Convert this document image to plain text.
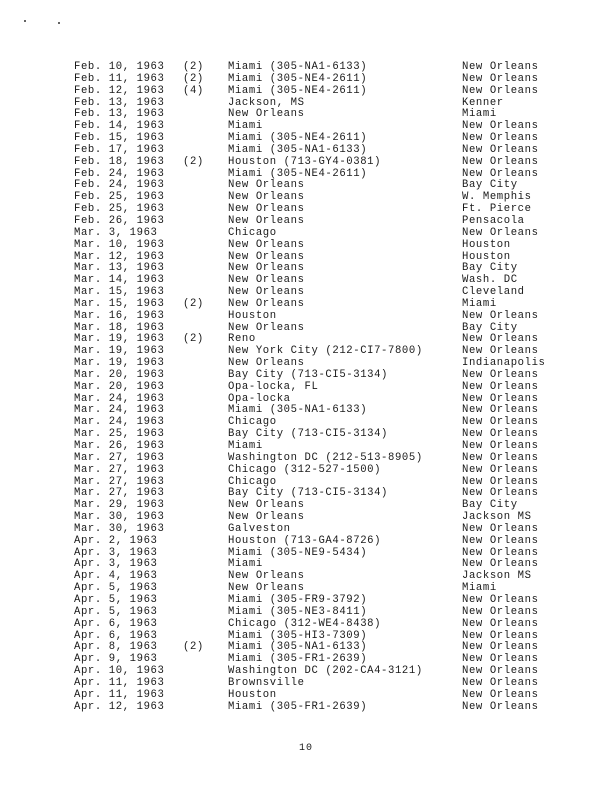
Feb. 10, 1963 (2) Miami (305-NA1-6133)	New Orleans
Feb. 11, 1963 (2) Miami (305-NE4-2611)	New Orleans
Feb. 12, 1963 (4) Miami (305-NE4-2611)	New Orleans
Feb. 13, 1963	Jackson, MS	Kenner
Feb. 13, 1963	New Orleans	Miami
Feb. 14, 1963	Miami	New Orleans
Feb. 15, 1963	Miami (305-NE4-2611)	New Orleans
Feb. 17, 1963	Miami (305-NA1-6133)	New Orleans
Feb. 18, 1963 (2) Houston (713-GY4-0381)	New Orleans
Feb. 24, 1963	Miami (305-NE4-2611)	New Orleans
Feb. 24, 1963	New Orleans	Bay City
Feb. 25, 1963	New Orleans	W. Memphis
Feb. 25, 1963	New Orleans	Ft. Pierce
Feb. 26, 1963	New Orleans	Pensacola
Mar. 3, 1963	Chicago	New Orleans
Mar. 10, 1963	New Orleans	Houston
Mar. 12, 1963	New Orleans	Houston
Mar. 13, 1963	New Orleans	Bay City
Mar. 14, 1963	New Orleans	Wash. DC
Mar. 15, 1963	New Orleans	Cleveland
Mar. 15, 1963 (2) New Orleans	Miami
Mar. 16, 1963	Houston	New Orleans
Mar. 18, 1963	New Orleans	Bay City
Mar. 19, 1963 (2) Reno	New Orleans
Mar. 19, 1963	New York City (212-CI7-7800)	New Orleans
Mar. 19, 1963	New Orleans	Indianapolis
Mar. 20, 1963	Bay City (713-CI5-3134)	New Orleans
Mar. 20, 1963	Opa-locka, FL	New Orleans
Mar. 24, 1963	Opa-locka	New Orleans
Mar. 24, 1963	Miami (305-NA1-6133)	New Orleans
Mar. 24, 1963	Chicago	New Orleans
Mar. 25, 1963	Bay City (713-CI5-3134)	New Orleans
Mar. 26, 1963	Miami	New Orleans
Mar. 27, 1963	Washington DC (212-513-8905)	New Orleans
Mar. 27, 1963	Chicago (312-527-1500)	New Orleans
Mar. 27, 1963	Chicago	New Orleans
Mar. 27, 1963	Bay City (713-CI5-3134)	New Orleans
Mar. 29, 1963	New Orleans	Bay City
Mar. 30, 1963	New Orleans	Jackson MS
Mar. 30, 1963	Galveston	New Orleans
Apr. 2, 1963	Houston (713-GA4-8726)	New Orleans
Apr. 3, 1963	Miami (305-NE9-5434)	New Orleans
Apr. 3, 1963	Miami	New Orleans
Apr. 4, 1963	New Orleans	Jackson MS
Apr. 5, 1963	New Orleans	Miami
Apr. 5, 1963	Miami (305-FR9-3792)	New Orleans
Apr. 5, 1963	Miami (305-NE3-8411)	New Orleans
Apr. 6, 1963	Chicago (312-WE4-8438)	New Orleans
Apr. 6, 1963	Miami (305-HI3-7309)	New Orleans
Apr. 8, 1963 (2) Miami (305-NA1-6133)	New Orleans
Apr. 9, 1963	Miami (305-FR1-2639)	New Orleans
Apr. 10, 1963	Washington DC (202-CA4-3121)	New Orleans
Apr. 11, 1963	Brownsville	New Orleans
Apr. 11, 1963	Houston	New Orleans
Apr. 12, 1963	Miami (305-FR1-2639)	New Orleans
10
